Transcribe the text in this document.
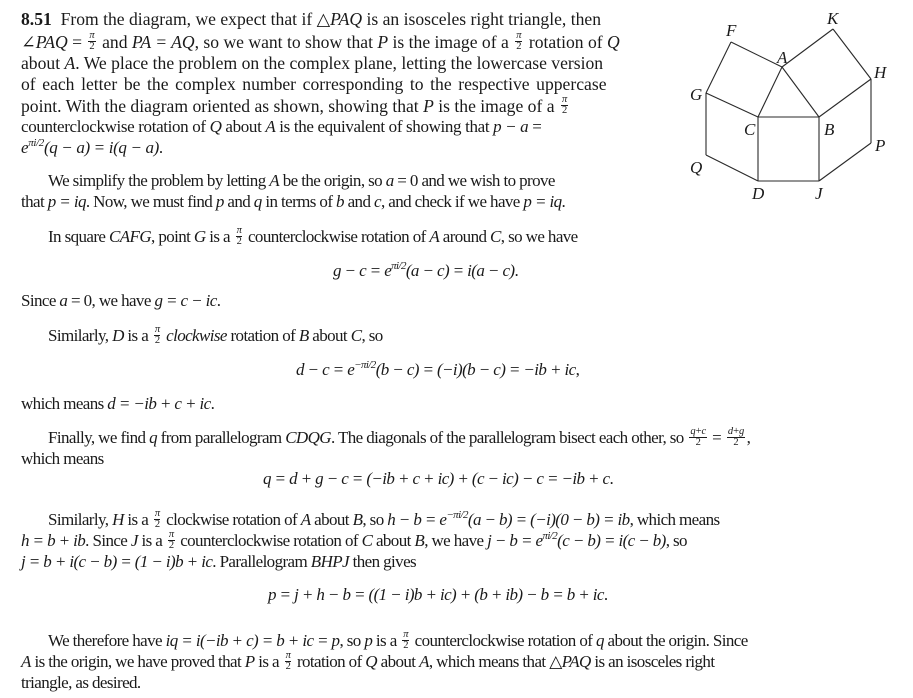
8.51 From the diagram, we expect that if △PAQ is an isosceles right triangle, then
∠PAQ = $\frac{\pi}{2}$ and PA = AQ, so we want to show that P is the image of a $\frac{\pi}{2}$ rotation of Q
about A. We place the problem on the complex plane, letting the lowercase version
of each letter be the complex number corresponding to the respective uppercase
point. With the diagram oriented as shown, showing that P is the image of a $\frac{\pi}{2}$
counterclockwise rotation of Q about A is the equivalent of showing that p − a =
$e^{\pi i/2}(q - a) = i(q - a)$.
We simplify the problem by letting A be the origin, so a = 0 and we wish to prove
that p = iq. Now, we must find p and q in terms of b and c, and check if we have p = iq.
In square CAFG, point G is a $\frac{\pi}{2}$ counterclockwise rotation of A around C, so we have
$g - c = e^{\pi i/2}(a - c) = i(a - c)$.
Since a = 0, we have g = c − ic.
Similarly, D is a $\frac{\pi}{2}$ clockwise rotation of B about C, so
$d - c = e^{-\pi i/2}(b - c) = (-i)(b - c) = -ib$ + ic,
which means d = −ib + c + ic.
Finally, we find q from parallelogram CDQG. The diagonals of the parallelogram bisect each other, so $\frac{q+c}{2} = \frac{d+g}{2}$ ,
which means
q = d + g − c = (−ib + c + ic) + (c − ic) − c = −ib + c.
Similarly, H is a $\frac{\pi}{2}$ clockwise rotation of A about B, so $h - b = e^{-\pi i/2}(a - b) = (-i)(0 - b)$ = ib, which means
h = b + ib. Since J is a $\frac{\pi}{2}$ counterclockwise rotation of C about B, we have $j - b = e^{\pi i/2}(c - b) = i(c - b)$, so
j = b + i(c − b) = (1 − i)b + ic. Parallelogram BHPJ then gives
p = j + h − b = ((1 − i)b + ic) + (b + ib) − b = b + ic.
We therefore have iq = i(−ib + c) = b + ic = p, so p is a $\frac{\pi}{2}$ counterclockwise rotation of q about the origin. Since
A is the origin, we have proved that P is a $\frac{\pi}{2}$ rotation of Q about A, which means that △PAQ is an isosceles right
triangle, as desired.
F
K
A
H
G
C	B
P
Q
D	J
